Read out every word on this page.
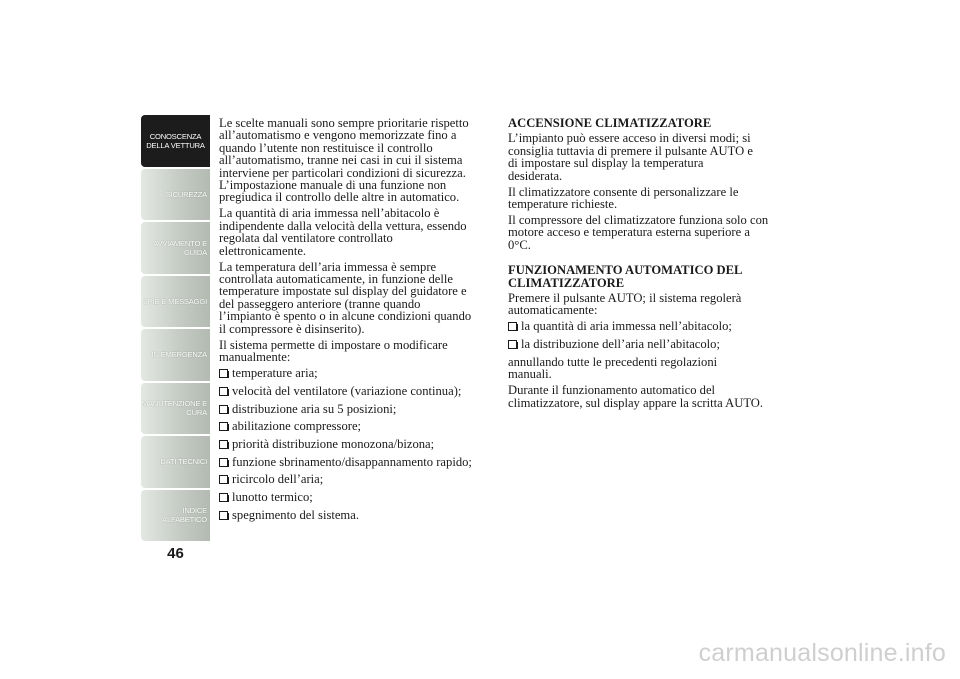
CONOSCENZA
DELLA VETTURA
SICUREZZA
AVVIAMENTO E
GUIDA
SPIE E MESSAGGI
IN EMERGENZA
MANUTENZIONE E
CURA
DATI TECNICI
INDICE
ALFABETICO
46
Le scelte manuali sono sempre prioritarie rispetto
all’automatismo e vengono memorizzate fino a
quando l’utente non restituisce il controllo
all’automatismo, tranne nei casi in cui il sistema
interviene per particolari condizioni di sicurezza.
L’impostazione manuale di una funzione non
pregiudica il controllo delle altre in automatico.
La quantità di aria immessa nell’abitacolo è
indipendente dalla velocità della vettura, essendo
regolata dal ventilatore controllato
elettronicamente.
La temperatura dell’aria immessa è sempre
controllata automaticamente, in funzione delle
temperature impostate sul display del guidatore e
del passeggero anteriore (tranne quando
l’impianto è spento o in alcune condizioni quando
il compressore è disinserito).
Il sistema permette di impostare o modificare
manualmente:
temperature aria;
velocità del ventilatore (variazione continua);
distribuzione aria su 5 posizioni;
abilitazione compressore;
priorità distribuzione monozona/bizona;
funzione sbrinamento/disappannamento rapido;
ricircolo dell’aria;
lunotto termico;
spegnimento del sistema.
ACCENSIONE CLIMATIZZATORE
L’impianto può essere acceso in diversi modi; si
consiglia tuttavia di premere il pulsante AUTO e
di impostare sul display la temperatura
desiderata.
Il climatizzatore consente di personalizzare le
temperature richieste.
Il compressore del climatizzatore funziona solo con
motore acceso e temperatura esterna superiore a
0°C.
FUNZIONAMENTO AUTOMATICO DEL
CLIMATIZZATORE
Premere il pulsante AUTO; il sistema regolerà
automaticamente:
la quantità di aria immessa nell’abitacolo;
la distribuzione dell’aria nell’abitacolo;
annullando tutte le precedenti regolazioni
manuali.
Durante il funzionamento automatico del
climatizzatore, sul display appare la scritta AUTO.
carmanualsonline.info
